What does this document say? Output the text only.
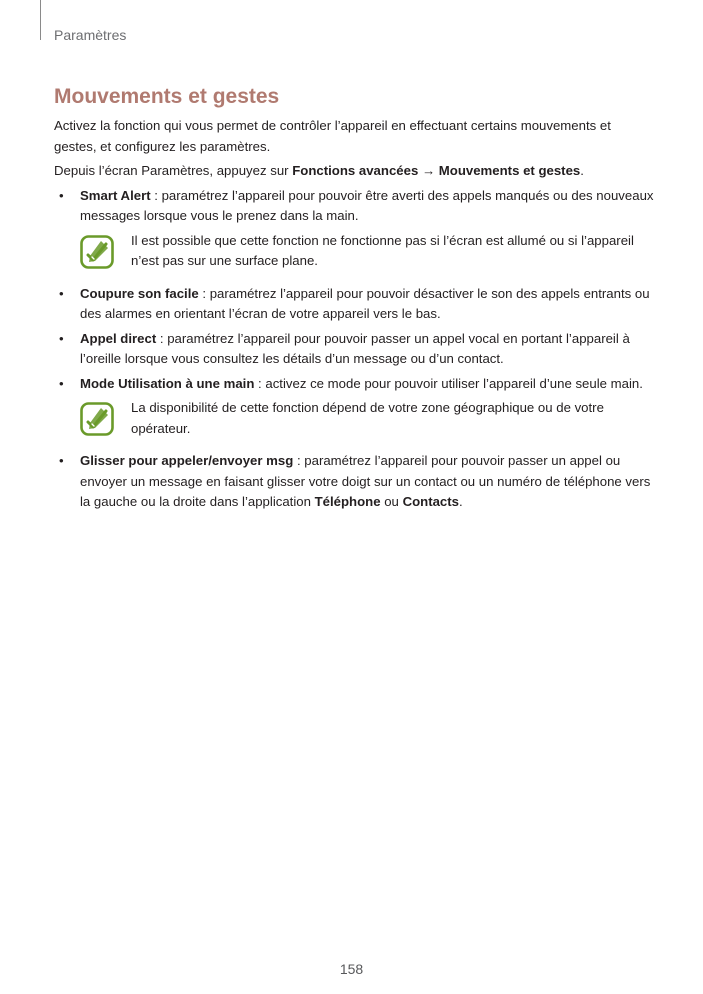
Paramètres
Mouvements et gestes

Activez la fonction qui vous permet de contrôler l’appareil en effectuant certains mouvements et gestes, et configurez les paramètres.

Depuis l’écran Paramètres, appuyez sur Fonctions avancées → Mouvements et gestes.

• Smart Alert : paramétrez l’appareil pour pouvoir être averti des appels manqués ou des nouveaux messages lorsque vous le prenez dans la main.

Il est possible que cette fonction ne fonctionne pas si l’écran est allumé ou si l’appareil n’est pas sur une surface plane.

• Coupure son facile : paramétrez l’appareil pour pouvoir désactiver le son des appels entrants ou des alarmes en orientant l’écran de votre appareil vers le bas.
• Appel direct : paramétrez l’appareil pour pouvoir passer un appel vocal en portant l’appareil à l’oreille lorsque vous consultez les détails d’un message ou d’un contact.
• Mode Utilisation à une main : activez ce mode pour pouvoir utiliser l’appareil d’une seule main.

La disponibilité de cette fonction dépend de votre zone géographique ou de votre opérateur.

• Glisser pour appeler/envoyer msg : paramétrez l’appareil pour pouvoir passer un appel ou envoyer un message en faisant glisser votre doigt sur un contact ou un numéro de téléphone vers la gauche ou la droite dans l’application Téléphone ou Contacts.
158
